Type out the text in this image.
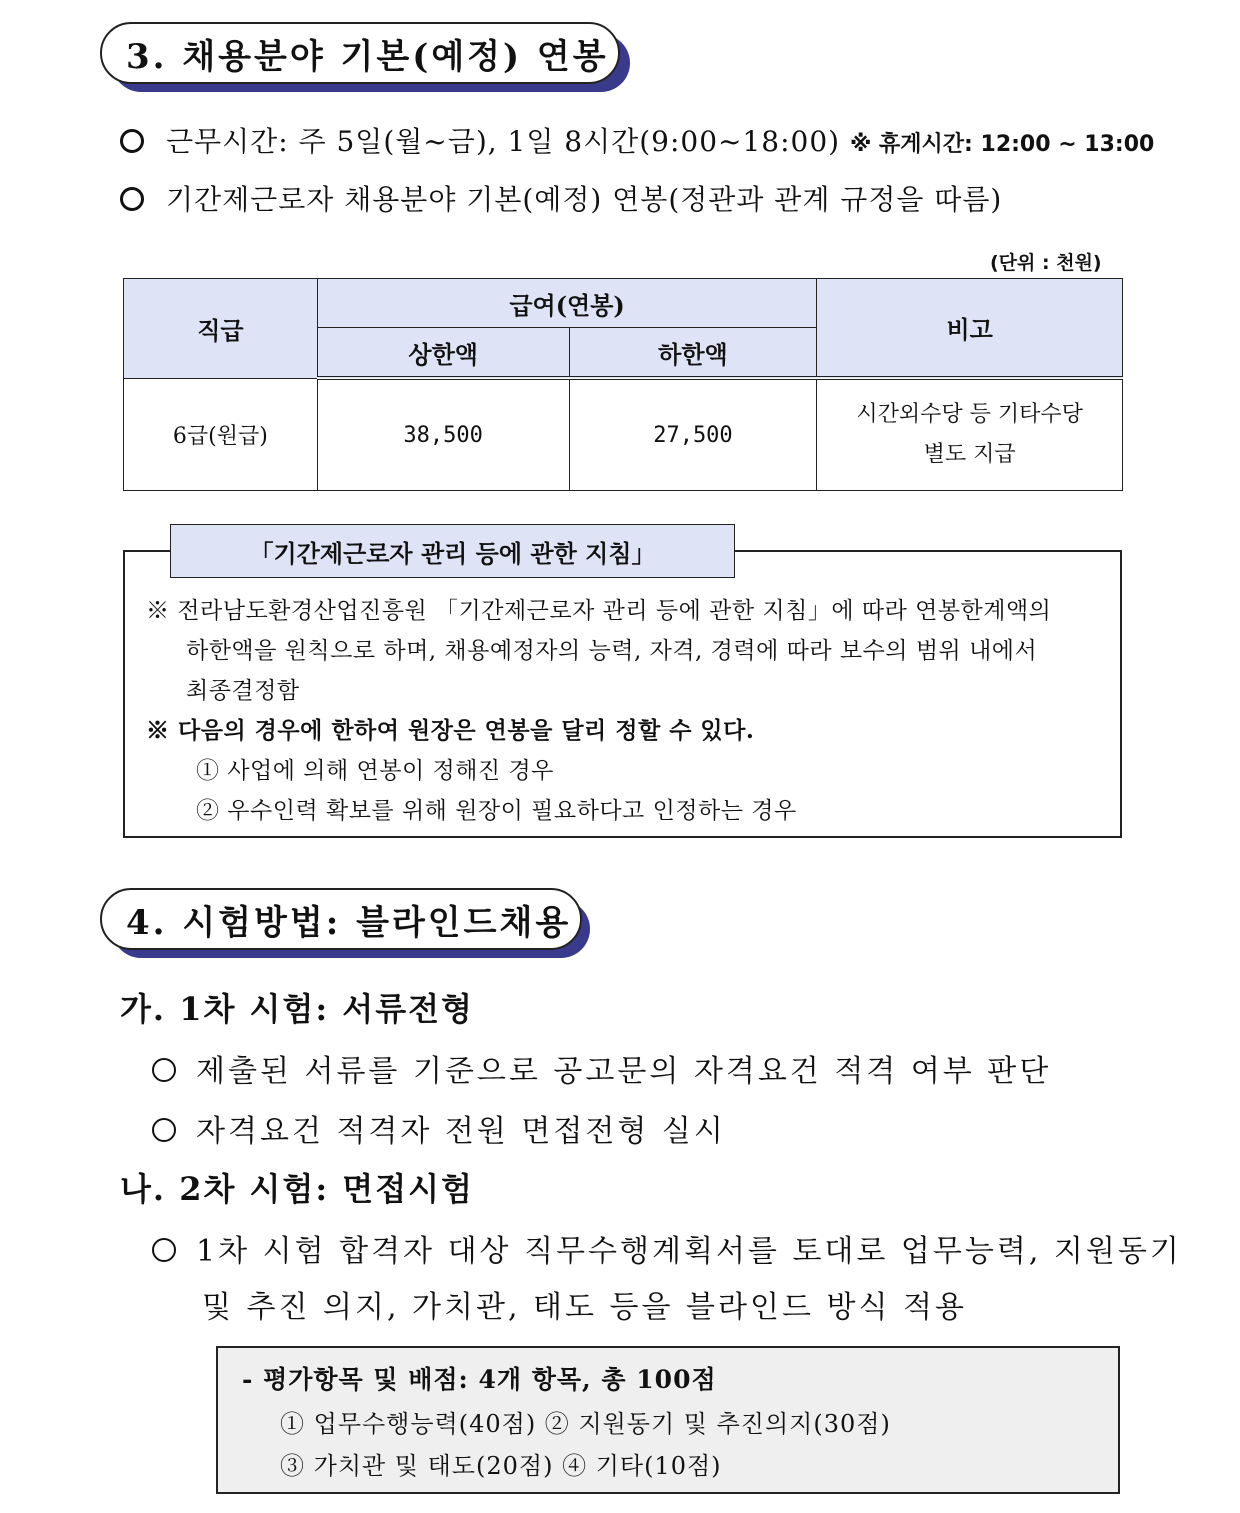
3. 채용분야 기본(예정) 연봉
근무시간: 주 5일(월~금), 1일 8시간(9:00~18:00) ※ 휴게시간: 12:00 ~ 13:00
기간제근로자 채용분야 기본(예정) 연봉(정관과 관계 규정을 따름)
(단위 : 천원)
직급	급여(연봉)		비고
	상한액	하한액	
6급(원급)	38,500	27,500	시간외수당 등 기타수당
별도 지급
「기간제근로자 관리 등에 관한 지침」
※ 전라남도환경산업진흥원 「기간제근로자 관리 등에 관한 지침」에 따라 연봉한계액의
하한액을 원칙으로 하며, 채용예정자의 능력, 자격, 경력에 따라 보수의 범위 내에서
최종결정함
※ 다음의 경우에 한하여 원장은 연봉을 달리 정할 수 있다.
① 사업에 의해 연봉이 정해진 경우
② 우수인력 확보를 위해 원장이 필요하다고 인정하는 경우
4. 시험방법: 블라인드채용
가. 1차 시험: 서류전형
제출된 서류를 기준으로 공고문의 자격요건 적격 여부 판단
자격요건 적격자 전원 면접전형 실시
나. 2차 시험: 면접시험
1차 시험 합격자 대상 직무수행계획서를 토대로 업무능력, 지원동기
및 추진 의지, 가치관, 태도 등을 블라인드 방식 적용
- 평가항목 및 배점: 4개 항목, 총 100점
① 업무수행능력(40점) ② 지원동기 및 추진의지(30점)
③ 가치관 및 태도(20점) ④ 기타(10점)
